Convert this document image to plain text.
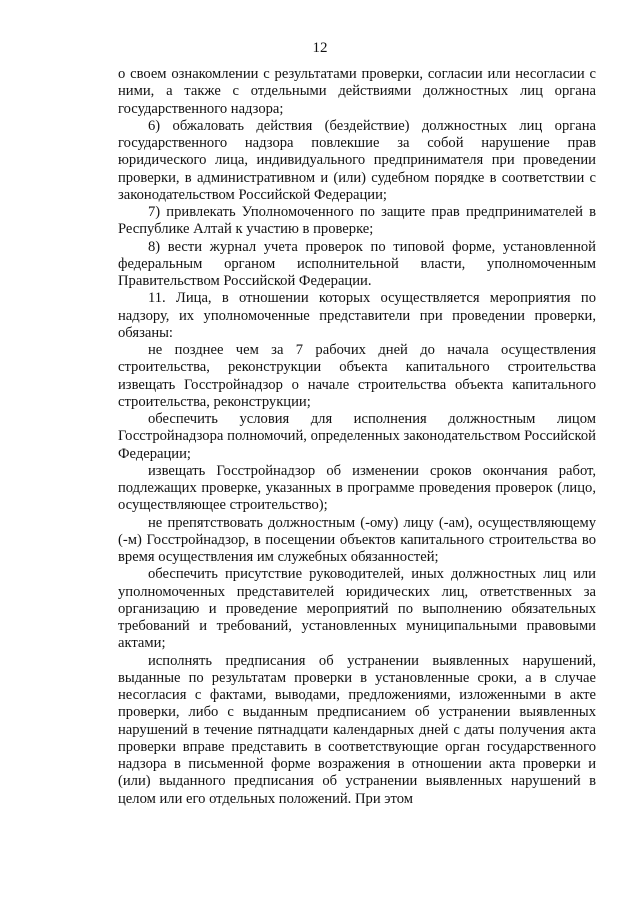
12

о своем ознакомлении с результатами проверки, согласии или несогласии с ними, а также с отдельными действиями должностных лиц органа государственного надзора;

6) обжаловать действия (бездействие) должностных лиц органа государственного надзора повлекшие за собой нарушение прав юридического лица, индивидуального предпринимателя при проведении проверки, в административном и (или) судебном порядке в соответствии с законодательством Российской Федерации;

7) привлекать Уполномоченного по защите прав предпринимателей в Республике Алтай к участию в проверке;

8) вести журнал учета проверок по типовой форме, установленной федеральным органом исполнительной власти, уполномоченным Правительством Российской Федерации.

11. Лица, в отношении которых осуществляется мероприятия по надзору, их уполномоченные представители при проведении проверки, обязаны:

не позднее чем за 7 рабочих дней до начала осуществления строительства, реконструкции объекта капитального строительства извещать Госстройнадзор о начале строительства объекта капитального строительства, реконструкции;

обеспечить условия для исполнения должностным лицом Госстройнадзора полномочий, определенных законодательством Российской Федерации;

извещать Госстройнадзор об изменении сроков окончания работ, подлежащих проверке, указанных в программе проведения проверок (лицо, осуществляющее строительство);

не препятствовать должностным (-ому) лицу (-ам), осуществляющему (-м) Госстройнадзор, в посещении объектов капитального строительства во время осуществления им служебных обязанностей;

обеспечить присутствие руководителей, иных должностных лиц или уполномоченных представителей юридических лиц, ответственных за организацию и проведение мероприятий по выполнению обязательных требований и требований, установленных муниципальными правовыми актами;

исполнять предписания об устранении выявленных нарушений, выданные по результатам проверки в установленные сроки, а в случае несогласия с фактами, выводами, предложениями, изложенными в акте проверки, либо с выданным предписанием об устранении выявленных нарушений в течение пятнадцати календарных дней с даты получения акта проверки вправе представить в соответствующие орган государственного надзора в письменной форме возражения в отношении акта проверки и (или) выданного предписания об устранении выявленных нарушений в целом или его отдельных положений. При этом
